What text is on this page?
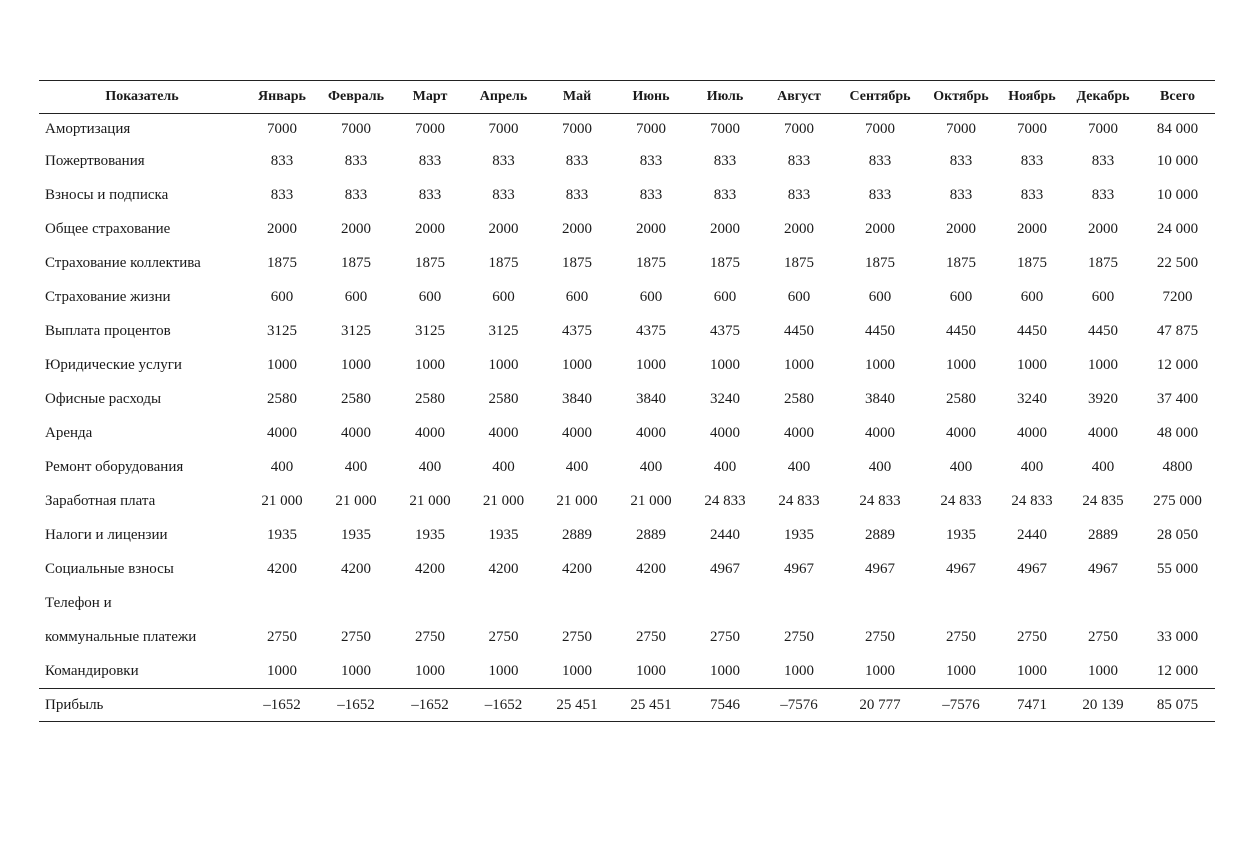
Показатель	Январь	Февраль	Март	Апрель	Май	Июнь	Июль	Август	Сентябрь	Октябрь	Ноябрь	Декабрь	Всего
Амортизация	7000	7000	7000	7000	7000	7000	7000	7000	7000	7000	7000	7000	84 000
Пожертвования	833	833	833	833	833	833	833	833	833	833	833	833	10 000
Взносы и подписка	833	833	833	833	833	833	833	833	833	833	833	833	10 000
Общее страхование	2000	2000	2000	2000	2000	2000	2000	2000	2000	2000	2000	2000	24 000
Страхование коллектива	1875	1875	1875	1875	1875	1875	1875	1875	1875	1875	1875	1875	22 500
Страхование жизни	600	600	600	600	600	600	600	600	600	600	600	600	7200
Выплата процентов	3125	3125	3125	3125	4375	4375	4375	4450	4450	4450	4450	4450	47 875
Юридические услуги	1000	1000	1000	1000	1000	1000	1000	1000	1000	1000	1000	1000	12 000
Офисные расходы	2580	2580	2580	2580	3840	3840	3240	2580	3840	2580	3240	3920	37 400
Аренда	4000	4000	4000	4000	4000	4000	4000	4000	4000	4000	4000	4000	48 000
Ремонт оборудования	400	400	400	400	400	400	400	400	400	400	400	400	4800
Заработная плата	21 000	21 000	21 000	21 000	21 000	21 000	24 833	24 833	24 833	24 833	24 833	24 835	275 000
Налоги и лицензии	1935	1935	1935	1935	2889	2889	2440	1935	2889	1935	2440	2889	28 050
Социальные взносы	4200	4200	4200	4200	4200	4200	4967	4967	4967	4967	4967	4967	55 000
Телефон и													
коммунальные платежи	2750	2750	2750	2750	2750	2750	2750	2750	2750	2750	2750	2750	33 000
Командировки	1000	1000	1000	1000	1000	1000	1000	1000	1000	1000	1000	1000	12 000
Прибыль	–1652	–1652	–1652	–1652	25 451	25 451	7546	–7576	20 777	–7576	7471	20 139	85 075
